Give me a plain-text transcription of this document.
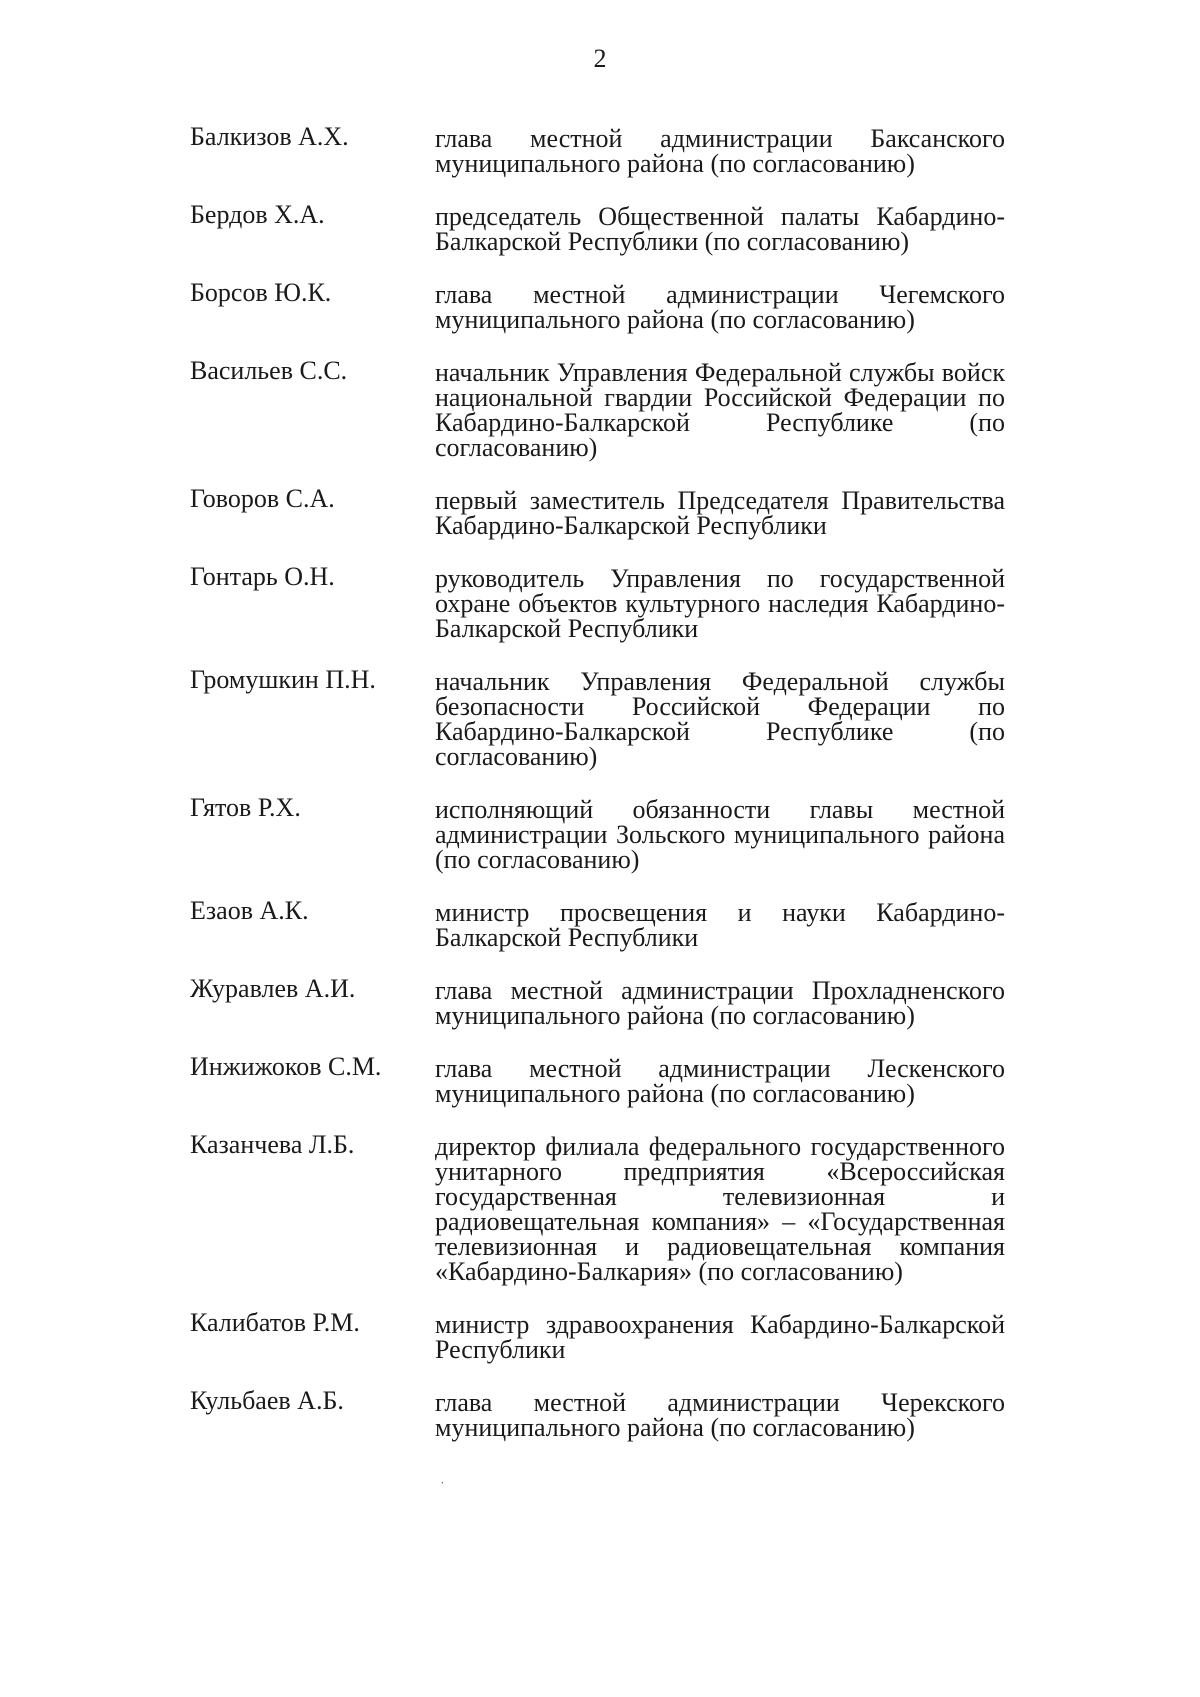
2
Балкизов А.Х.	глава местной администрации Баксанского муниципального района (по согласованию)
Бердов Х.А.	председатель Общественной палаты Кабардино-Балкарской Республики (по согласованию)
Борсов Ю.К.	глава местной администрации Чегемского муниципального района (по согласованию)
Васильев С.С.	начальник Управления Федеральной службы войск национальной гвардии Российской Федерации по Кабардино-Балкарской Республике (по согласованию)
Говоров С.А.	первый заместитель Председателя Правительства Кабардино-Балкарской Республики
Гонтарь О.Н.	руководитель Управления по государственной охране объектов культурного наследия Кабардино-Балкарской Республики
Громушкин П.Н.	начальник Управления Федеральной службы безопасности Российской Федерации по Кабардино-Балкарской Республике (по согласованию)
Гятов Р.Х.	исполняющий обязанности главы местной администрации Зольского муниципального района (по согласованию)
Езаов А.К.	министр просвещения и науки Кабардино-Балкарской Республики
Журавлев А.И.	глава местной администрации Прохладненского муниципального района (по согласованию)
Инжижоков С.М.	глава местной администрации Лескенского муниципального района (по согласованию)
Казанчева Л.Б.	директор филиала федерального государственного унитарного предприятия «Всероссийская государственная телевизионная и радиовещательная компания» – «Государственная телевизионная и радиовещательная компания «Кабардино-Балкария» (по согласованию)
Калибатов Р.М.	министр здравоохранения Кабардино-Балкарской Республики
Кульбаев А.Б.	глава местной администрации Черекского муниципального района (по согласованию)
˙
